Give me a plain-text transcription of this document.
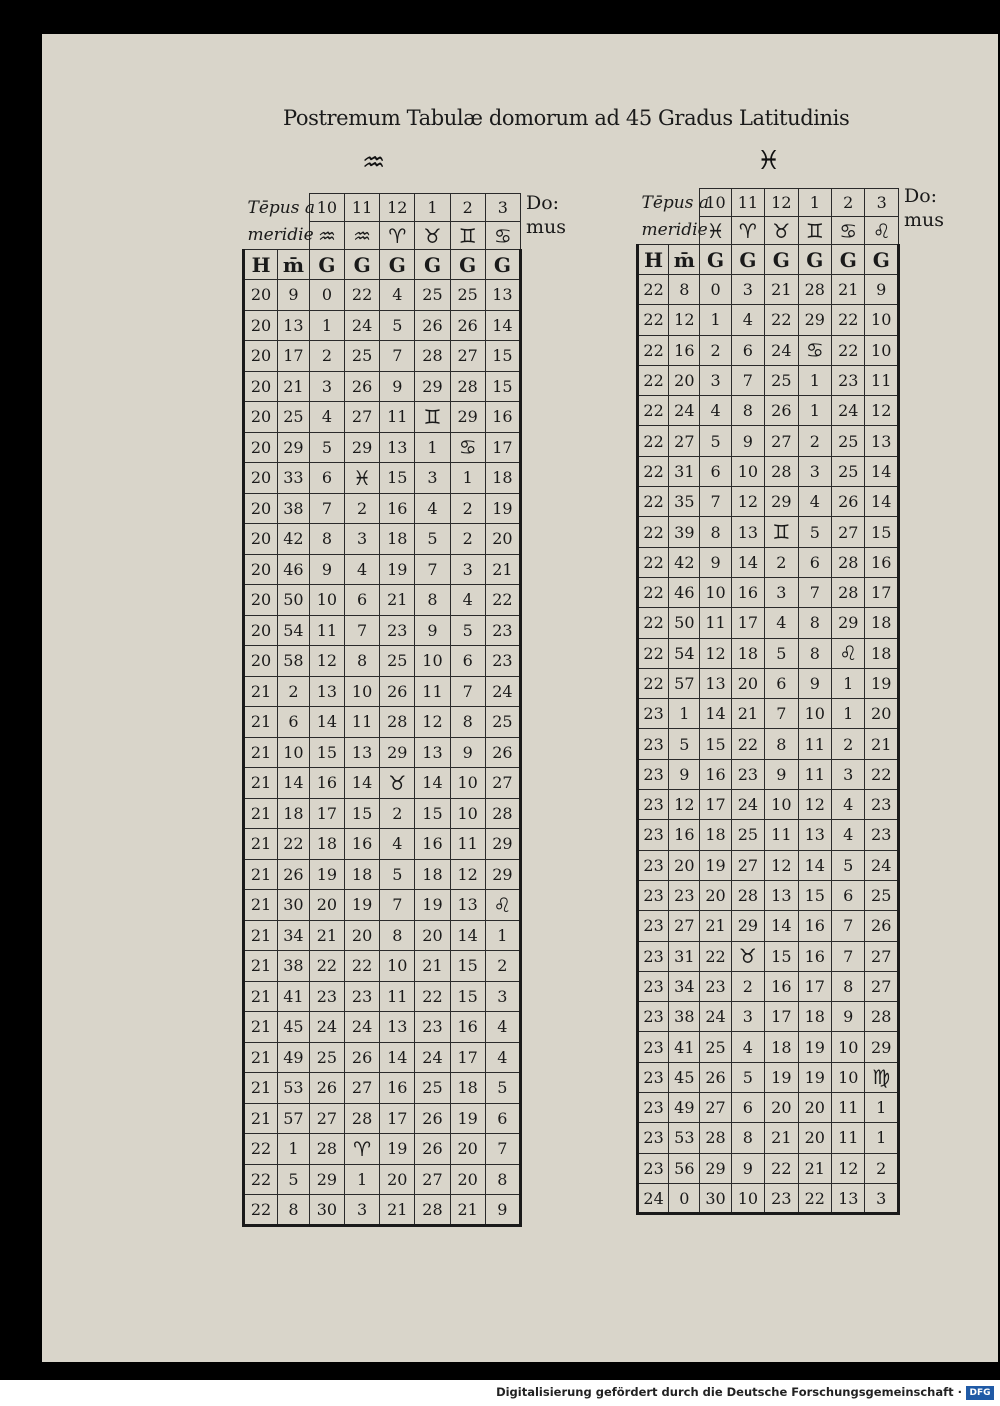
Postremum Tabulæ domorum ad 45 Gradus Latitudinis
♒	♓
Tēpus a		10	11	12	1	2	3
meridie		♒	♒	♈	♉	♊	♋
H	m̄	G	G	G	G	G	G
20	9	0	22	4	25	25	13
20	13	1	24	5	26	26	14
20	17	2	25	7	28	27	15
20	21	3	26	9	29	28	15
20	25	4	27	11	♊	29	16
20	29	5	29	13	1	♋	17
20	33	6	♓	15	3	1	18
20	38	7	2	16	4	2	19
20	42	8	3	18	5	2	20
20	46	9	4	19	7	3	21
20	50	10	6	21	8	4	22
20	54	11	7	23	9	5	23
20	58	12	8	25	10	6	23
21	2	13	10	26	11	7	24
21	6	14	11	28	12	8	25
21	10	15	13	29	13	9	26
21	14	16	14	♉	14	10	27
21	18	17	15	2	15	10	28
21	22	18	16	4	16	11	29
21	26	19	18	5	18	12	29
21	30	20	19	7	19	13	♌
21	34	21	20	8	20	14	1
21	38	22	22	10	21	15	2
21	41	23	23	11	22	15	3
21	45	24	24	13	23	16	4
21	49	25	26	14	24	17	4
21	53	26	27	16	25	18	5
21	57	27	28	17	26	19	6
22	1	28	♈	19	26	20	7
22	5	29	1	20	27	20	8
22	8	30	3	21	28	21	9
Do:
mus
Tēpus a		10	11	12	1	2	3
meridie		♓	♈	♉	♊	♋	♌
H	m̄	G	G	G	G	G	G
22	8	0	3	21	28	21	9
22	12	1	4	22	29	22	10
22	16	2	6	24	♋	22	10
22	20	3	7	25	1	23	11
22	24	4	8	26	1	24	12
22	27	5	9	27	2	25	13
22	31	6	10	28	3	25	14
22	35	7	12	29	4	26	14
22	39	8	13	♊	5	27	15
22	42	9	14	2	6	28	16
22	46	10	16	3	7	28	17
22	50	11	17	4	8	29	18
22	54	12	18	5	8	♌	18
22	57	13	20	6	9	1	19
23	1	14	21	7	10	1	20
23	5	15	22	8	11	2	21
23	9	16	23	9	11	3	22
23	12	17	24	10	12	4	23
23	16	18	25	11	13	4	23
23	20	19	27	12	14	5	24
23	23	20	28	13	15	6	25
23	27	21	29	14	16	7	26
23	31	22	♉	15	16	7	27
23	34	23	2	16	17	8	27
23	38	24	3	17	18	9	28
23	41	25	4	18	19	10	29
23	45	26	5	19	19	10	♍
23	49	27	6	20	20	11	1
23	53	28	8	21	20	11	1
23	56	29	9	22	21	12	2
24	0	30	10	23	22	13	3
Do:
mus
Digitalisierung gefördert durch die Deutsche Forschungsgemeinschaft · DFG
